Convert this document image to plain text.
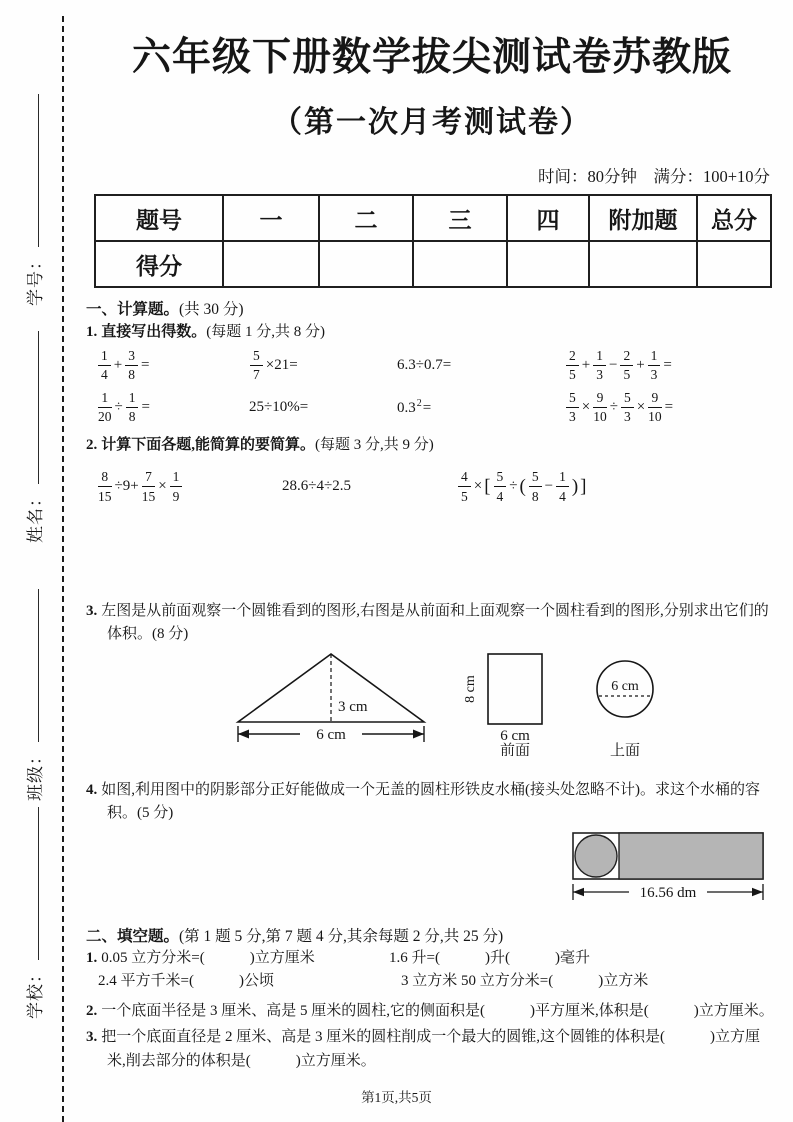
学号：
姓名：
班级：
学校：
六年级下册数学拔尖测试卷苏教版
（第一次月考测试卷）
时间：80分钟　满分：100+10分
题号	一	二	三	四	附加题	总分
得分						
一、计算题。(共 30 分)
1. 直接写出得数。(每题 1 分,共 8 分)
$\frac{1}{4} + \frac{3}{8}$ =	$\frac{5}{7} \times 21=$	6.3÷0.7=	$\frac{2}{5} + \frac{1}{3} - \frac{2}{5} + \frac{1}{3}$ =
$\frac{1}{20} \div \frac{1}{8}$ =	25÷10%=	$0.3^2=$	$\frac{5}{3} \times \frac{9}{10} \div \frac{5}{3} \times \frac{9}{10}$ =
2. 计算下面各题,能简算的要简算。(每题 3 分,共 9 分)
$\frac{8}{15} \div 9+ \frac{7}{15} \times \frac{1}{9}$	28.6÷4÷2.5	$\frac{4}{5}$ × [ $\frac{5}{4}$ ÷ ( $\frac{5}{8} - \frac{1}{4}$ ) ]
3. 左图是从前面观察一个圆锥看到的图形,右图是从前面和上面观察一个圆柱看到的图形,分别求出它们的体积。(8 分)
3 cm
6 cm
8 cm
6 cm
前面
6 cm
上面
4. 如图,利用图中的阴影部分正好能做成一个无盖的圆柱形铁皮水桶(接头处忽略不计)。求这个水桶的容积。(5 分)
16.56 dm
二、填空题。(第 1 题 5 分,第 7 题 4 分,其余每题 2 分,共 25 分)
1. 0.05 立方分米=(　　　)立方厘米	1.6 升=(　　　)升(　　　)毫升
2.4 平方千米=(　　　)公顷	3 立方米 50 立方分米=(　　　)立方米
2. 一个底面半径是 3 厘米、高是 5 厘米的圆柱,它的侧面积是(　　　)平方厘米,体积是(　　　)立方厘米。
3. 把一个底面直径是 2 厘米、高是 3 厘米的圆柱削成一个最大的圆锥,这个圆锥的体积是(　　　)立方厘米,削去部分的体积是(　　　)立方厘米。
第1页,共5页
